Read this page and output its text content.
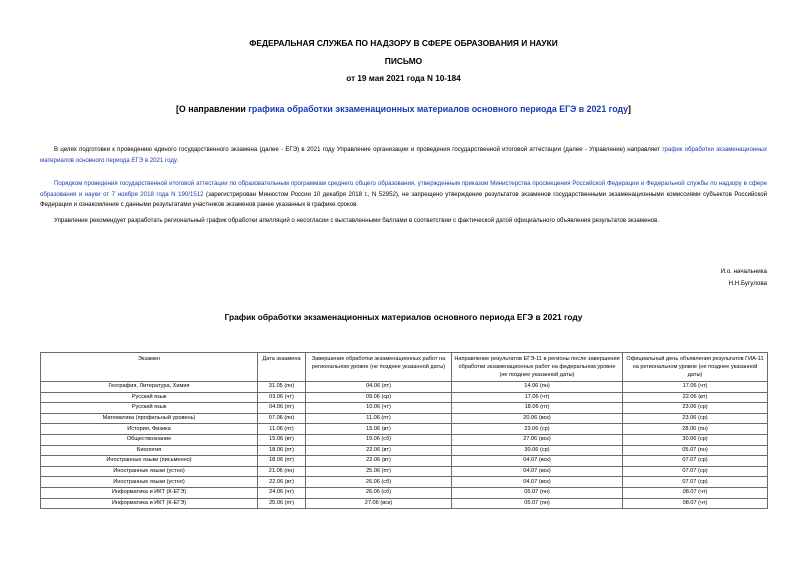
ФЕДЕРАЛЬНАЯ СЛУЖБА ПО НАДЗОРУ В СФЕРЕ ОБРАЗОВАНИЯ И НАУКИ
ПИСЬМО
от 19 мая 2021 года N 10-184
[О направлении графика обработки экзаменационных материалов основного периода ЕГЭ в 2021 году]
В целях подготовки к проведению единого государственного экзамена (далее - ЕГЭ) в 2021 году Управление организации и проведения государственной итоговой аттестации (далее - Управление) направляет график обработки экзаменационных материалов основного периода ЕГЭ в 2021 году.
Порядком проведения государственной итоговой аттестации по образовательным программам среднего общего образования, утвержденным приказом Министерства просвещения Российской Федерации и Федеральной службы по надзору в сфере образования и науки от 7 ноября 2018 года N 190/1512 (зарегистрирован Минюстом России 10 декабря 2018 г., N 52952), не запрещено утверждение результатов экзаменов государственными экзаменационными комиссиями субъектов Российской Федерации и ознакомление с данными результатами участников экзаменов ранее указанных в графике сроков.
Управление рекомендует разработать региональный график обработки апелляций о несогласии с выставленными баллами в соответствии с фактической датой официального объявления результатов экзаменов.
И.о. начальника
Н.Н.Бугулова
График обработки экзаменационных материалов основного периода ЕГЭ в 2021 году
Экзамен	Дата экзамена	Завершение обработки экзаменационных работ на региональном уровне (не позднее указанной даты)	Направление результатов ЕГЭ-11 в регионы после завершения обработки экзаменационных работ на федеральном уровне (не позднее указанной даты)	Официальный день объявления результатов ГИА-11 на региональном уровне (не позднее указанной даты)
География, Литература, Химия	31.05 (пн)	04.06 (пт)	14.06 (пн)	17.06 (чт)
Русский язык	03.06 (чт)	09.06 (ср)	17.06 (чт)	22.06 (вт)
Русский язык	04.06 (пт)	10.06 (чт)	18.06 (пт)	23.06 (ср)
Математика (профильный уровень)	07.06 (пн)	11.06 (пт)	20.06 (вск)	23.06 (ср)
История, Физика	11.06 (пт)	15.06 (вт)	23.06 (ср)	28.06 (пн)
Обществознание	15.06 (вт)	19.06 (сб)	27.06 (вск)	30.06 (ср)
Биология	18.06 (пт)	22.06 (вт)	30.06 (ср)	05.07 (пн)
Иностранные языки (письменно)	18.06 (пт)	22.06 (вт)	04.07 (вск)	07.07 (ср)
Иностранные языки (устно)	21.06 (пн)	25.06 (пт)	04.07 (вск)	07.07 (ср)
Иностранные языки (устно)	22.06 (вт)	26.06 (сб)	04.07 (вск)	07.07 (ср)
Информатика и ИКТ (К-ЕГЭ)	24.06 (чт)	26.06 (сб)	05.07 (пн)	08.07 (чт)
Информатика и ИКТ (К-ЕГЭ)	25.06 (пт)	27.06 (вск)	05.07 (пн)	08.07 (чт)
